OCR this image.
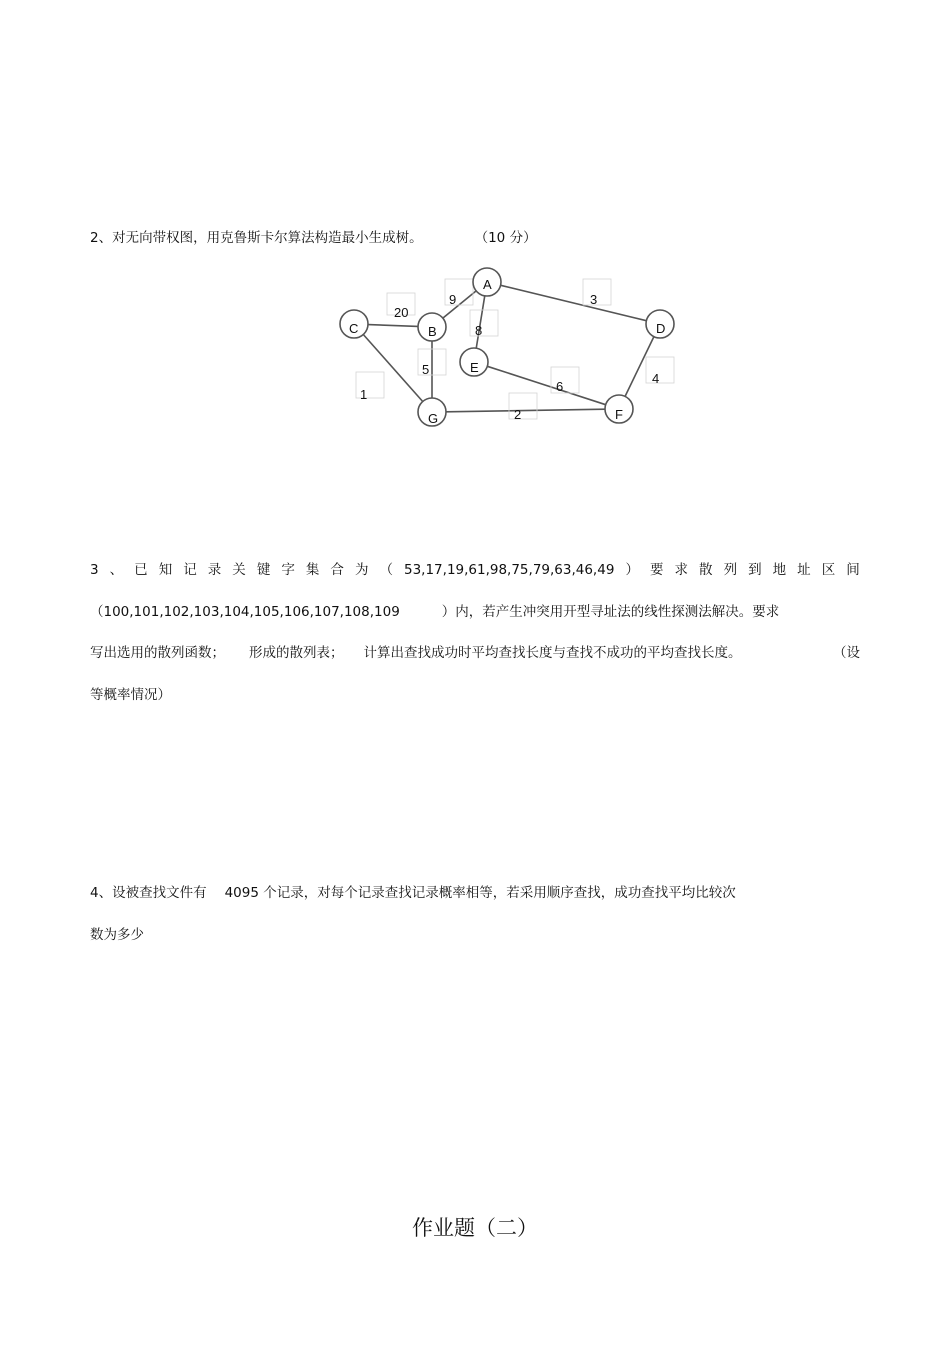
2、对无向带权图，用克鲁斯卡尔算法构造最小生成树。	（10 分）

20
9	3
8
5
1
6
4
2
A
B
C	D
E
F
G

3 、 已 知 记 录 关 键 字 集 合 为 （ 53,17,19,61,98,75,79,63,46,49 ） 要 求 散 列 到 地 址 区 间

（100,101,102,103,104,105,106,107,108,109	）内，若产生冲突用开型寻址法的线性探测法解决。要求

写出选用的散列函数； 形成的散列表； 计算出查找成功时平均查找长度与查找不成功的平均查找长度。	（设

等概率情况）

4、设被查找文件有 4095 个记录，对每个记录查找记录概率相等，若采用顺序查找，成功查找平均比较次

数为多少

作业题（二）
